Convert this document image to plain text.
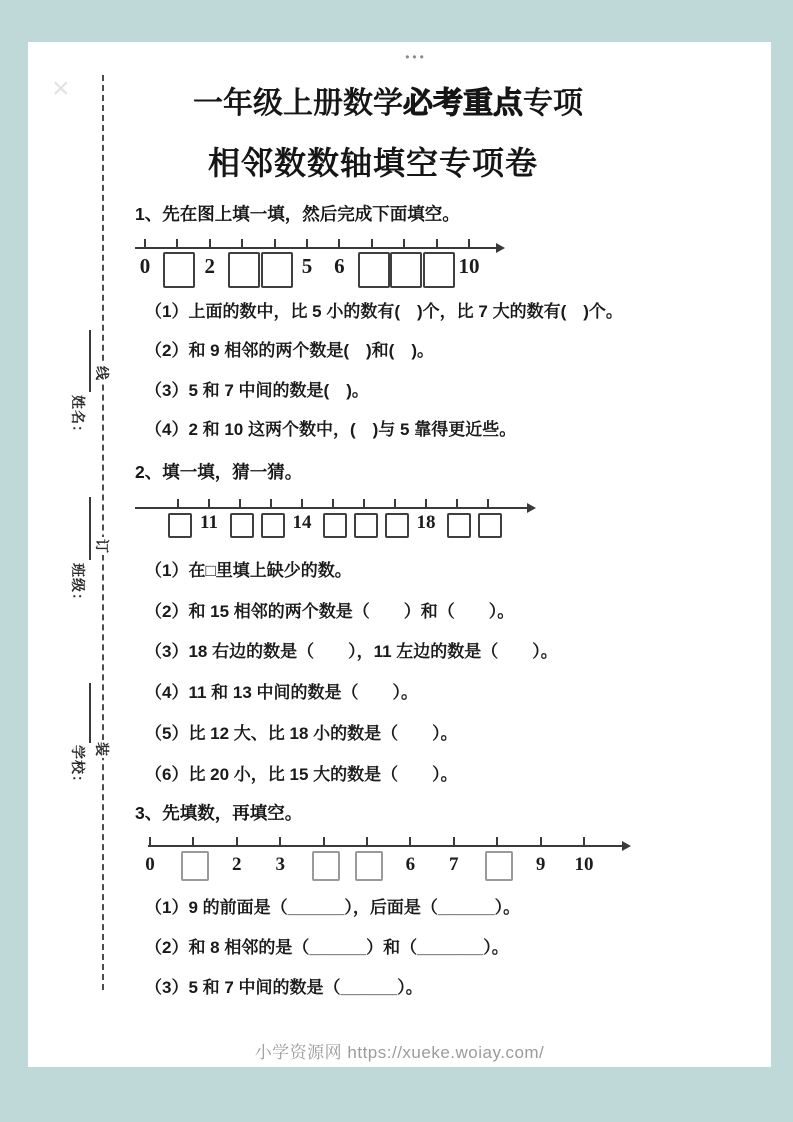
•••
×
姓名：
班级：
学校：
线
订
装
一年级上册数学必考重点专项
相邻数数轴填空专项卷
1、先在图上填一填，然后完成下面填空。
0	2	5	6	10
（1）上面的数中，比 5 小的数有(　)个，比 7 大的数有(　)个。
（2）和 9 相邻的两个数是(　)和(　)。
（3）5 和 7 中间的数是(　)。
（4）2 和 10 这两个数中，(　)与 5 靠得更近些。
2、填一填，猜一猜。
11	14	18
（1）在□里填上缺少的数。
（2）和 15 相邻的两个数是（　　）和（　　）。
（3）18 右边的数是（　　），11 左边的数是（　　）。
（4）11 和 13 中间的数是（　　）。
（5）比 12 大、比 18 小的数是（　　）。
（6）比 20 小，比 15 大的数是（　　）。
3、先填数，再填空。
0	2	3	6	7	9	10
（1）9 的前面是（______），后面是（______）。
（2）和 8 相邻的是（______）和（_______）。
（3）5 和 7 中间的数是（______）。
小学资源网 https://xueke.woiay.com/
